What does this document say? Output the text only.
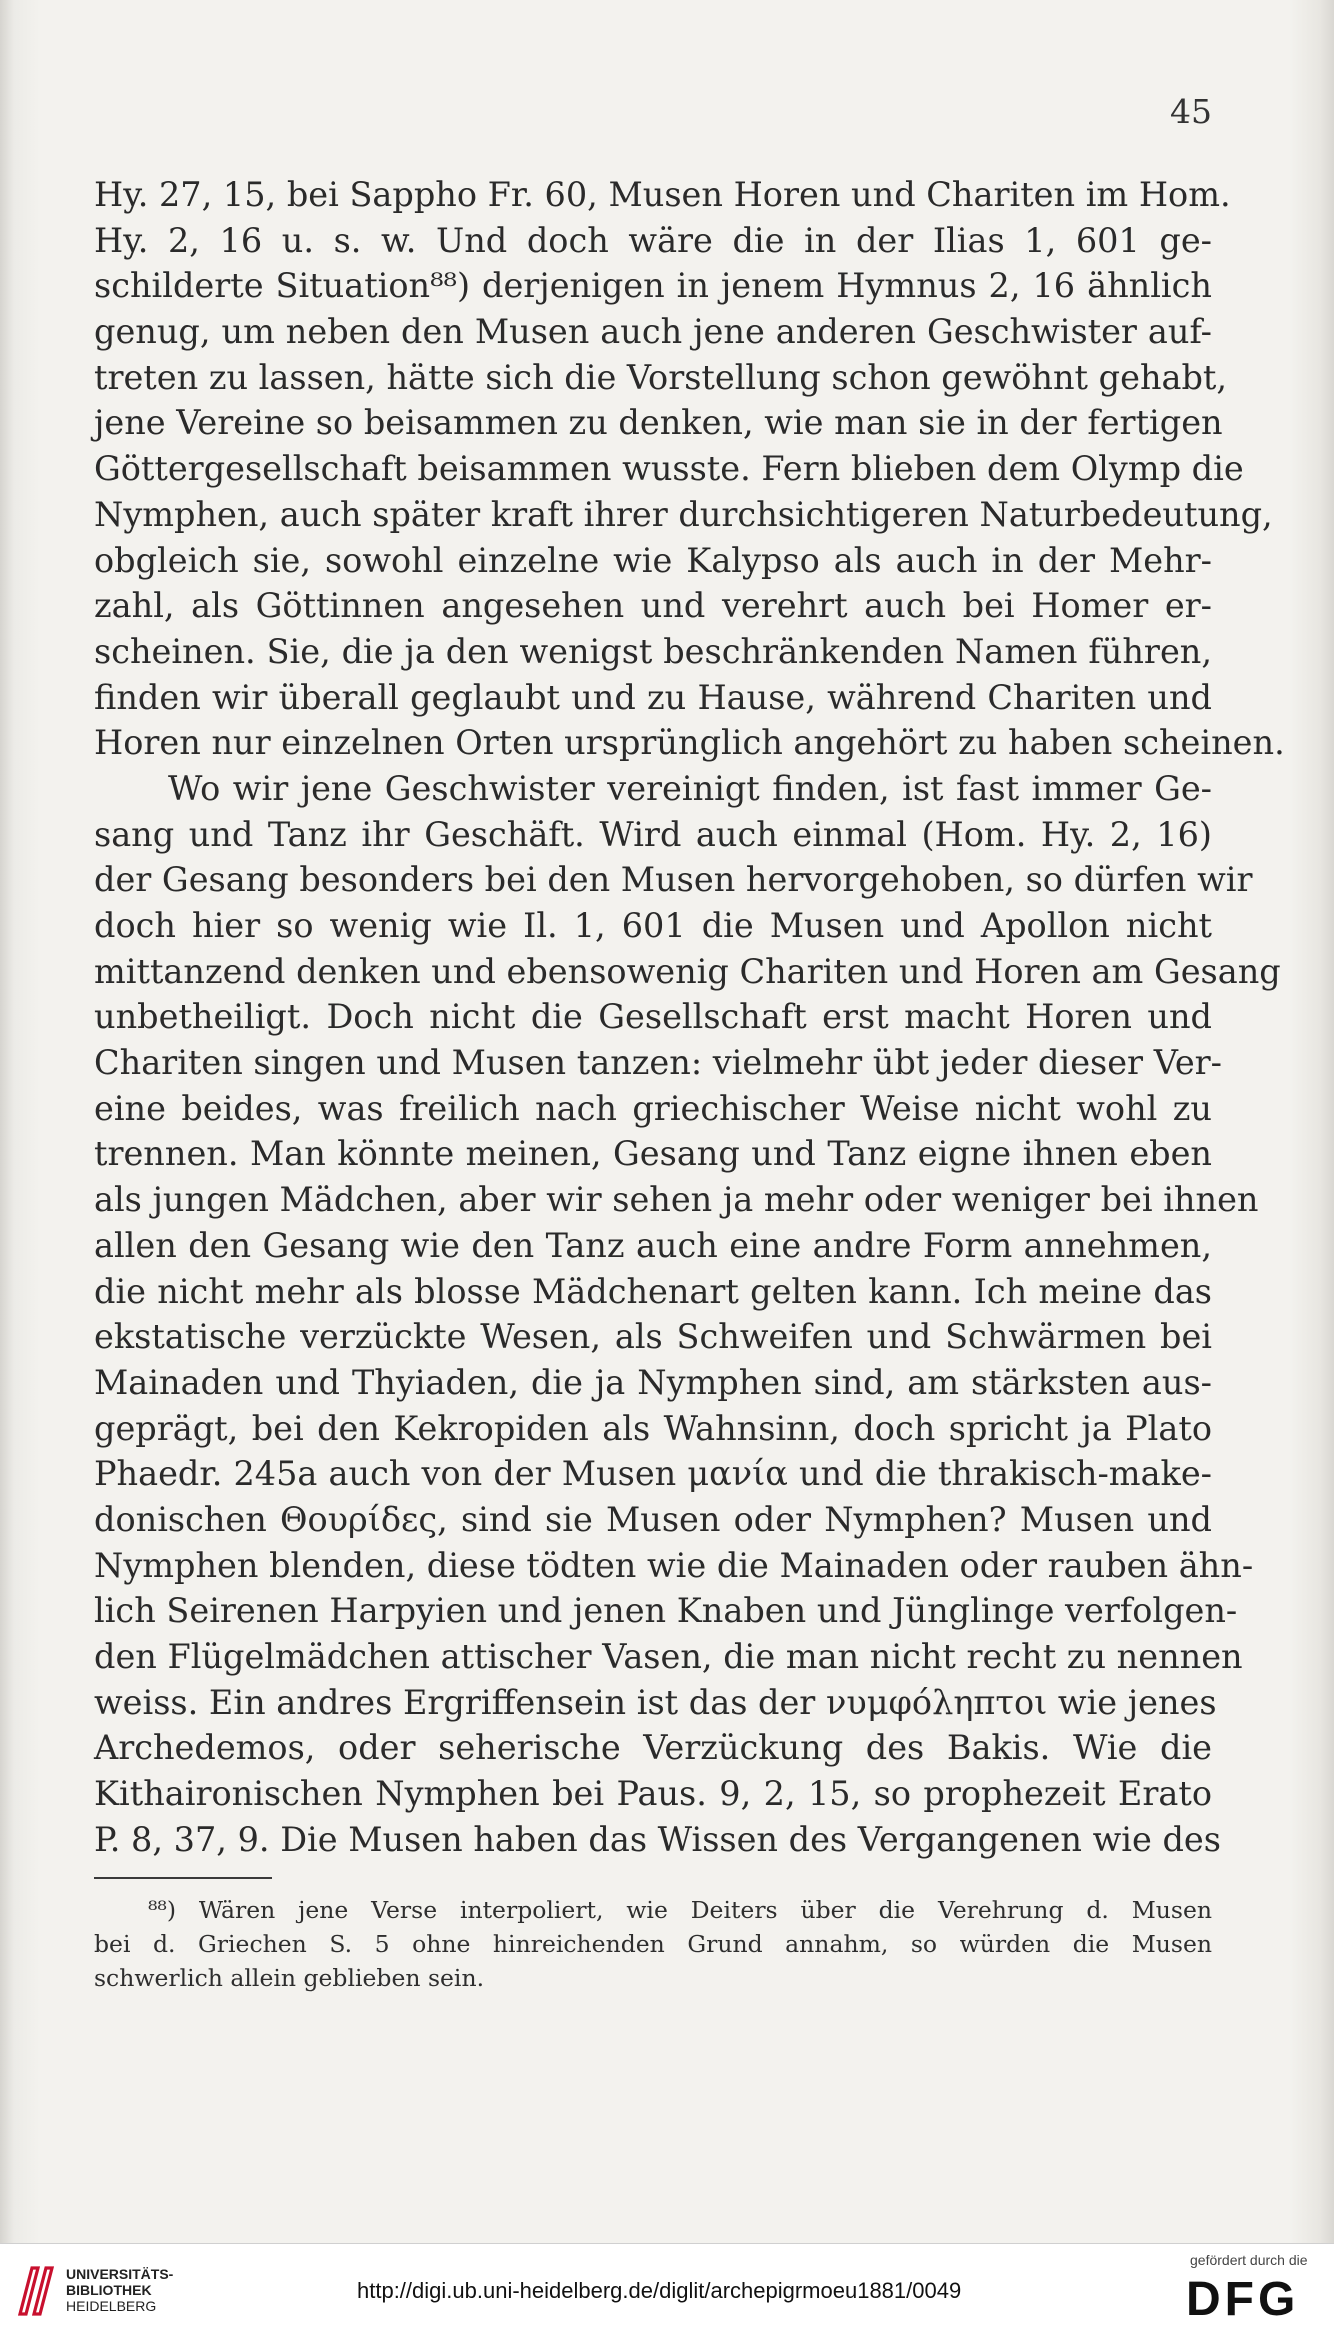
45
Hy. 27, 15, bei Sappho Fr. 60, Musen Horen und Chariten im Hom.
Hy. 2, 16 u. s. w. Und doch wäre die in der Ilias 1, 601 ge-
schilderte Situation⁸⁸) derjenigen in jenem Hymnus 2, 16 ähnlich
genug, um neben den Musen auch jene anderen Geschwister auf-
treten zu lassen, hätte sich die Vorstellung schon gewöhnt gehabt,
jene Vereine so beisammen zu denken, wie man sie in der fertigen
Göttergesellschaft beisammen wusste. Fern blieben dem Olymp die
Nymphen, auch später kraft ihrer durchsichtigeren Naturbedeutung,
obgleich sie, sowohl einzelne wie Kalypso als auch in der Mehr-
zahl, als Göttinnen angesehen und verehrt auch bei Homer er-
scheinen. Sie, die ja den wenigst beschränkenden Namen führen,
finden wir überall geglaubt und zu Hause, während Chariten und
Horen nur einzelnen Orten ursprünglich angehört zu haben scheinen.
Wo wir jene Geschwister vereinigt finden, ist fast immer Ge-
sang und Tanz ihr Geschäft. Wird auch einmal (Hom. Hy. 2, 16)
der Gesang besonders bei den Musen hervorgehoben, so dürfen wir
doch hier so wenig wie Il. 1, 601 die Musen und Apollon nicht
mittanzend denken und ebensowenig Chariten und Horen am Gesang
unbetheiligt. Doch nicht die Gesellschaft erst macht Horen und
Chariten singen und Musen tanzen: vielmehr übt jeder dieser Ver-
eine beides, was freilich nach griechischer Weise nicht wohl zu
trennen. Man könnte meinen, Gesang und Tanz eigne ihnen eben
als jungen Mädchen, aber wir sehen ja mehr oder weniger bei ihnen
allen den Gesang wie den Tanz auch eine andre Form annehmen,
die nicht mehr als blosse Mädchenart gelten kann. Ich meine das
ekstatische verzückte Wesen, als Schweifen und Schwärmen bei
Mainaden und Thyiaden, die ja Nymphen sind, am stärksten aus-
geprägt, bei den Kekropiden als Wahnsinn, doch spricht ja Plato
Phaedr. 245a auch von der Musen μανία und die thrakisch-make-
donischen Θουρίδες, sind sie Musen oder Nymphen? Musen und
Nymphen blenden, diese tödten wie die Mainaden oder rauben ähn-
lich Seirenen Harpyien und jenen Knaben und Jünglinge verfolgen-
den Flügelmädchen attischer Vasen, die man nicht recht zu nennen
weiss. Ein andres Ergriffensein ist das der νυμφόληπτοι wie jenes
Archedemos, oder seherische Verzückung des Bakis. Wie die
Kithaironischen Nymphen bei Paus. 9, 2, 15, so prophezeit Erato
P. 8, 37, 9. Die Musen haben das Wissen des Vergangenen wie des
⁸⁸) Wären jene Verse interpoliert, wie Deiters über die Verehrung d. Musen
bei d. Griechen S. 5 ohne hinreichenden Grund annahm, so würden die Musen
schwerlich allein geblieben sein.
UNIVERSITÄTS-
BIBLIOTHEK
HEIDELBERG
http://digi.ub.uni-heidelberg.de/diglit/archepigrmoeu1881/0049
gefördert durch die
DFG
